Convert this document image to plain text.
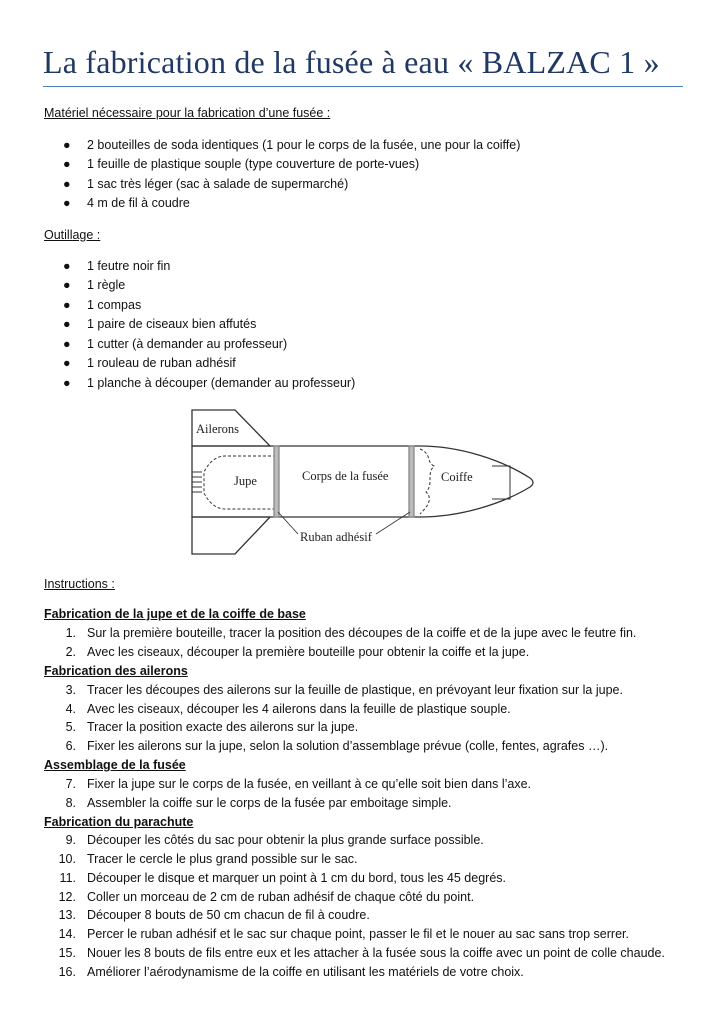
La fabrication de la fusée à eau « BALZAC 1 »
Matériel nécessaire pour la fabrication d’une fusée :
● 2 bouteilles de soda identiques (1 pour le corps de la fusée, une pour la coiffe)
● 1 feuille de plastique souple (type couverture de porte-vues)
● 1 sac très léger (sac à salade de supermarché)
● 4 m de fil à coudre
Outillage :
● 1 feutre noir fin
● 1 règle
● 1 compas
● 1 paire de ciseaux bien affutés
● 1 cutter (à demander au professeur)
● 1 rouleau de ruban adhésif
● 1 planche à découper (demander au professeur)
Ailerons
Jupe	Corps de la fusée	Coiffe
Ruban adhésif
Instructions :
Fabrication de la jupe et de la coiffe de base
1. Sur la première bouteille, tracer la position des découpes de la coiffe et de la jupe avec le feutre fin.
2. Avec les ciseaux, découper la première bouteille pour obtenir la coiffe et la jupe.
Fabrication des ailerons
3. Tracer les découpes des ailerons sur la feuille de plastique, en prévoyant leur fixation sur la jupe.
4. Avec les ciseaux, découper les 4 ailerons dans la feuille de plastique souple.
5. Tracer la position exacte des ailerons sur la jupe.
6. Fixer les ailerons sur la jupe, selon la solution d’assemblage prévue (colle, fentes, agrafes …).
Assemblage de la fusée
7. Fixer la jupe sur le corps de la fusée, en veillant à ce qu’elle soit bien dans l’axe.
8. Assembler la coiffe sur le corps de la fusée par emboitage simple.
Fabrication du parachute
9. Découper les côtés du sac pour obtenir la plus grande surface possible.
10. Tracer le cercle le plus grand possible sur le sac.
11. Découper le disque et marquer un point à 1 cm du bord, tous les 45 degrés.
12. Coller un morceau de 2 cm de ruban adhésif de chaque côté du point.
13. Découper 8 bouts de 50 cm chacun de fil à coudre.
14. Percer le ruban adhésif et le sac sur chaque point, passer le fil et le nouer au sac sans trop serrer.
15. Nouer les 8 bouts de fils entre eux et les attacher à la fusée sous la coiffe avec un point de colle chaude.
16. Améliorer l’aérodynamisme de la coiffe en utilisant les matériels de votre choix.
